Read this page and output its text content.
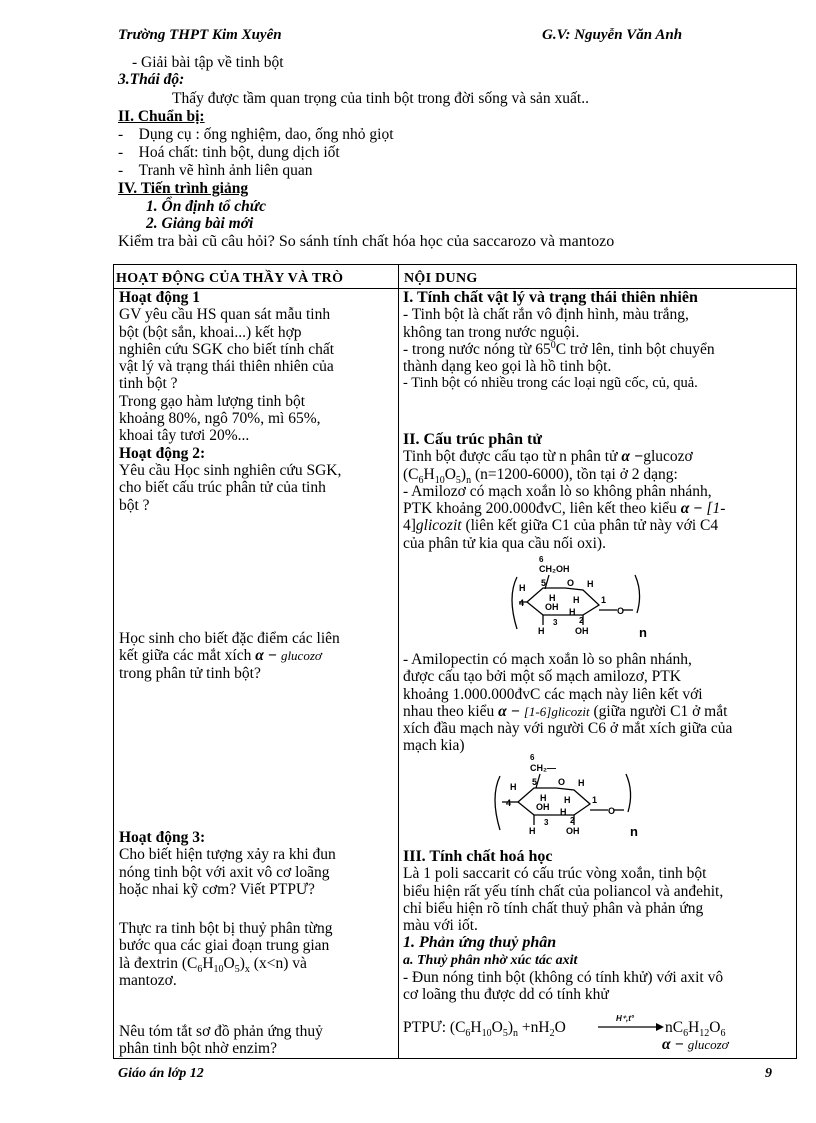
Trường THPT Kim Xuyên	G.V: Nguyễn Văn Anh
- Giải bài tập về tinh bột
3.Thái độ:
Thấy được tầm quan trọng của tinh bột trong đời sống và sản xuất..
II. Chuẩn bị:
-    Dụng cụ : ống nghiệm, dao, ống nhỏ giọt
-    Hoá chất: tinh bột, dung dịch iốt
-    Tranh vẽ hình ảnh liên quan
IV. Tiến trình giảng
1. Ổn định tổ chức
2. Giảng bài mới
Kiểm tra bài cũ câu hỏi? So sánh tính chất hóa học của saccarozo và mantozo
HOẠT ĐỘNG CỦA THẦY VÀ TRÒ	NỘI DUNG
Hoạt động 1
GV yêu cầu HS quan sát mẫu tinh
bột (bột sắn, khoai...) kết hợp
nghiên cứu SGK cho biết tính chất
vật lý và trạng thái thiên nhiên của
tinh bột ?
Trong gạo hàm lượng tinh bột
khoảng 80%, ngô 70%, mì 65%,
khoai tây tươi 20%...
Hoạt động 2:
Yêu cầu Học sinh nghiên cứu SGK,
cho biết cấu trúc phân tử của tinh
bột ?
Học sinh cho biết đặc điểm các liên
kết giữa các mắt xích α − glucozơ
trong phân tử tinh bột?
Hoạt động 3:
Cho biết hiện tượng xảy ra khi đun
nóng tinh bột với axit vô cơ loãng
hoặc nhai kỹ cơm? Viết PTPƯ?
Thực ra tinh bột bị thuỷ phân từng
bước qua các giai đoạn trung gian
là đextrin $(C_6H_{10}O_5)_x$ (x<n) và
mantozơ.
Nêu tóm tắt sơ đồ phản ứng thuỷ
phân tinh bột nhờ enzim?
I. Tính chất vật lý và trạng thái thiên nhiên
- Tinh bột là chất rắn vô định hình, màu trắng,
không tan trong nước nguội.
- trong nước nóng từ $65^0C$ trở lên, tinh bột chuyển
thành dạng keo gọi là hồ tinh bột.
- Tinh bột có nhiều trong các loại ngũ cốc, củ, quả.
II. Cấu trúc phân tử
Tinh bột được cấu tạo từ n phân tử α −glucozơ
$(C_6H_{10}O_5)_n$ (n=1200-6000), tồn tại ở 2 dạng:
- Amilozơ có mạch xoắn lò so không phân nhánh,
PTK khoảng 200.000đvC, liên kết theo kiểu α − [1-
4]glicozit (liên kết giữa C1 của phân tử này với C4
của phân tử kia qua cầu nối oxi).
6
CH₂OH
H 5 O H
4	H
OH
H 1
H
3	2
H	OH
O
n
- Amilopectin có mạch xoắn lò so phân nhánh,
được cấu tạo bởi một số mạch amilozơ, PTK
khoảng 1.000.000đvC các mạch này liên kết với
nhau theo kiểu α − [1-6]glicozit (giữa người C1 ở mắt
xích đầu mạch này với người C6 ở mắt xích giữa của
mạch kia)
6
CH₂—
H 5 O H
4	H
OH
H 1
H
3	2
H	OH
O
n
III. Tính chất hoá học
Là 1 poli saccarit có cấu trúc vòng xoắn, tinh bột
biểu hiện rất yếu tính chất của poliancol và anđehit,
chỉ biểu hiện rõ tính chất thuỷ phân và phản ứng
màu với iốt.
1. Phản ứng thuỷ phân
a. Thuỷ phân nhờ xúc tác axit
- Đun nóng tinh bột (không có tính khử) với axit vô
cơ loãng thu được dd có tính khử
PTPƯ: $(C_6H_{10}O_5)_n +nH_2O$
H⁺,t°
$nC_6H_{12}O_6$
α − glucozơ
Giáo án lớp 12	9
